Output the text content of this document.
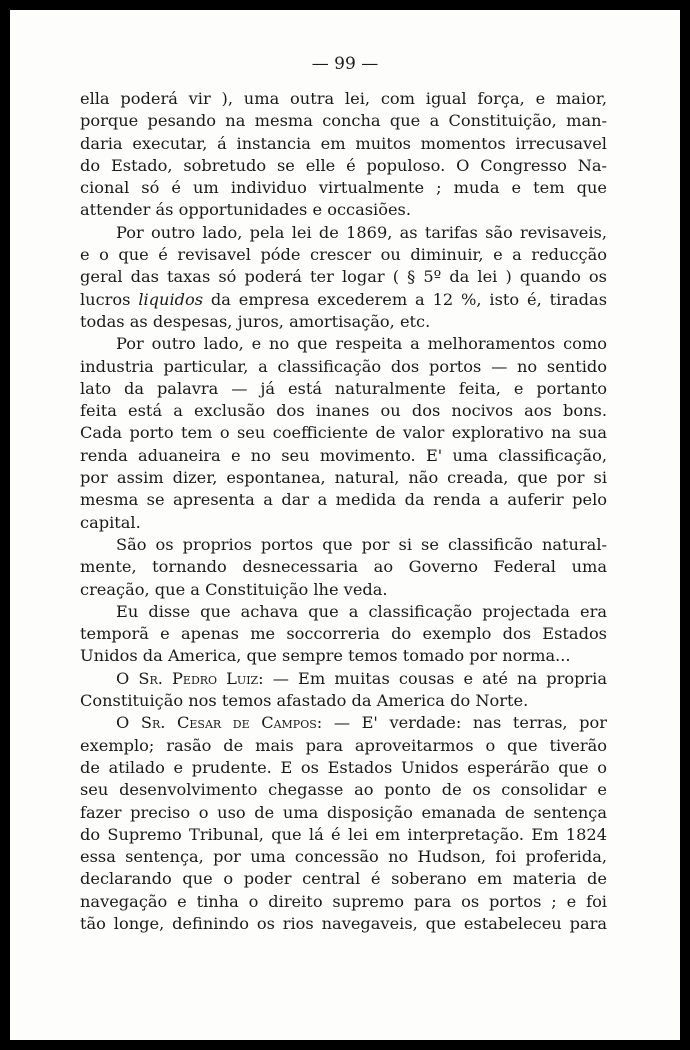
— 99 —
ella poderá vir ), uma outra lei, com igual força, e maior,
porque pesando na mesma concha que a Constituição, man-
daria executar, á instancia em muitos momentos irrecusavel
do Estado, sobretudo se elle é populoso. O Congresso Na-
cional só é um individuo virtualmente ; muda e tem que
attender ás opportunidades e occasiões.
Por outro lado, pela lei de 1869, as tarifas são revisaveis,
e o que é revisavel póde crescer ou diminuir, e a reducção
geral das taxas só poderá ter logar ( § 5º da lei ) quando os
lucros liquidos da empresa excederem a 12 %, isto é, tiradas
todas as despesas, juros, amortisação, etc.
Por outro lado, e no que respeita a melhoramentos como
industria particular, a classificação dos portos — no sentido
lato da palavra — já está naturalmente feita, e portanto
feita está a exclusão dos inanes ou dos nocivos aos bons.
Cada porto tem o seu coefficiente de valor explorativo na sua
renda aduaneira e no seu movimento. E' uma classificação,
por assim dizer, espontanea, natural, não creada, que por si
mesma se apresenta a dar a medida da renda a auferir pelo
capital.
São os proprios portos que por si se classificão natural-
mente, tornando desnecessaria ao Governo Federal uma
creação, que a Constituição lhe veda.
Eu disse que achava que a classificação projectada era
temporã e apenas me soccorreria do exemplo dos Estados
Unidos da America, que sempre temos tomado por norma...
O Sr. Pedro Luiz: — Em muitas cousas e até na propria
Constituição nos temos afastado da America do Norte.
O Sr. Cesar de Campos: — E' verdade: nas terras, por
exemplo; rasão de mais para aproveitarmos o que tiverão
de atilado e prudente. E os Estados Unidos esperárão que o
seu desenvolvimento chegasse ao ponto de os consolidar e
fazer preciso o uso de uma disposição emanada de sentença
do Supremo Tribunal, que lá é lei em interpretação. Em 1824
essa sentença, por uma concessão no Hudson, foi proferida,
declarando que o poder central é soberano em materia de
navegação e tinha o direito supremo para os portos ; e foi
tão longe, definindo os rios navegaveis, que estabeleceu para
